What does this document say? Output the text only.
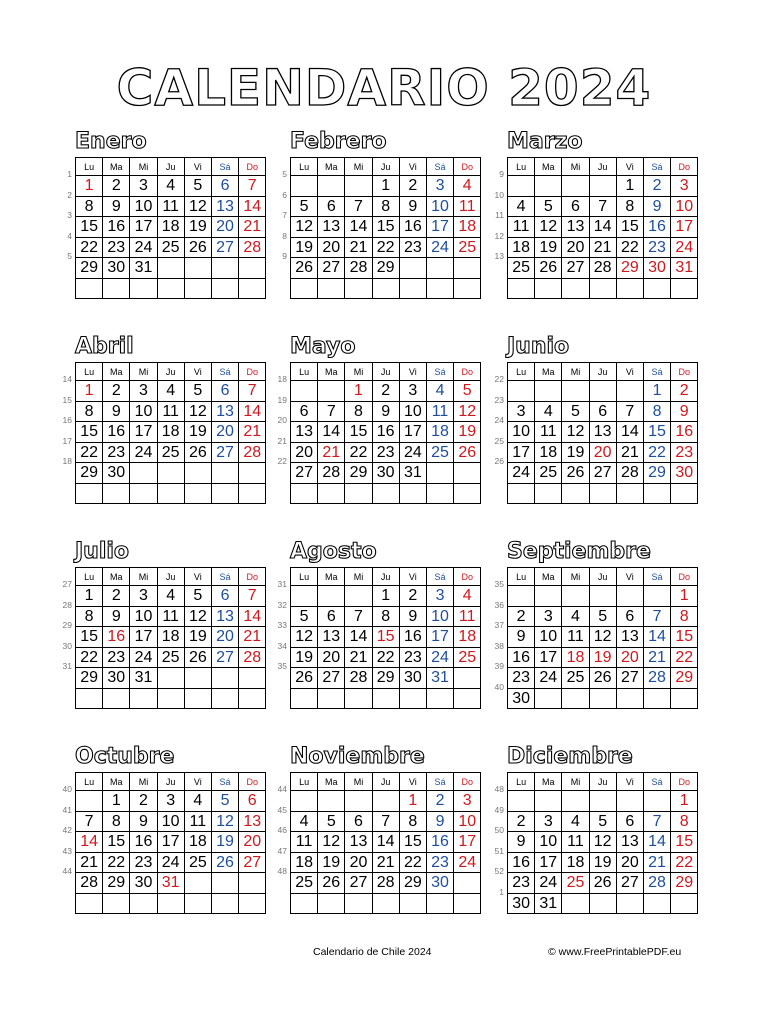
CALENDARIO 2024
Enero
1
2
3
4
5
Lu	Ma	Mi	Ju	Vi	Sá	Do
1	2	3	4	5	6	7
8	9	10	11	12	13	14
15	16	17	18	19	20	21
22	23	24	25	26	27	28
29	30	31				

Febrero
5
6
7
8
9
Lu	Ma	Mi	Ju	Vi	Sá	Do
			1	2	3	4
5	6	7	8	9	10	11
12	13	14	15	16	17	18
19	20	21	22	23	24	25
26	27	28	29			

Marzo
9
10
11
12
13
Lu	Ma	Mi	Ju	Vi	Sá	Do
				1	2	3
4	5	6	7	8	9	10
11	12	13	14	15	16	17
18	19	20	21	22	23	24
25	26	27	28	29	30	31

Abril
14
15
16
17
18
Lu	Ma	Mi	Ju	Vi	Sá	Do
1	2	3	4	5	6	7
8	9	10	11	12	13	14
15	16	17	18	19	20	21
22	23	24	25	26	27	28
29	30					

Mayo
18
19
20
21
22
Lu	Ma	Mi	Ju	Vi	Sá	Do
		1	2	3	4	5
6	7	8	9	10	11	12
13	14	15	16	17	18	19
20	21	22	23	24	25	26
27	28	29	30	31		

Junio
22
23
24
25
26
Lu	Ma	Mi	Ju	Vi	Sá	Do
					1	2
3	4	5	6	7	8	9
10	11	12	13	14	15	16
17	18	19	20	21	22	23
24	25	26	27	28	29	30

Julio
27
28
29
30
31
Lu	Ma	Mi	Ju	Vi	Sá	Do
1	2	3	4	5	6	7
8	9	10	11	12	13	14
15	16	17	18	19	20	21
22	23	24	25	26	27	28
29	30	31				

Agosto
31
32
33
34
35
Lu	Ma	Mi	Ju	Vi	Sá	Do
			1	2	3	4
5	6	7	8	9	10	11
12	13	14	15	16	17	18
19	20	21	22	23	24	25
26	27	28	29	30	31	

Septiembre
35
36
37
38
39
40
Lu	Ma	Mi	Ju	Vi	Sá	Do
						1
2	3	4	5	6	7	8
9	10	11	12	13	14	15
16	17	18	19	20	21	22
23	24	25	26	27	28	29
30						
Octubre
40
41
42
43
44
Lu	Ma	Mi	Ju	Vi	Sá	Do
	1	2	3	4	5	6
7	8	9	10	11	12	13
14	15	16	17	18	19	20
21	22	23	24	25	26	27
28	29	30	31			

Noviembre
44
45
46
47
48
Lu	Ma	Mi	Ju	Vi	Sá	Do
				1	2	3
4	5	6	7	8	9	10
11	12	13	14	15	16	17
18	19	20	21	22	23	24
25	26	27	28	29	30	

Diciembre
48
49
50
51
52
1
Lu	Ma	Mi	Ju	Vi	Sá	Do
						1
2	3	4	5	6	7	8
9	10	11	12	13	14	15
16	17	18	19	20	21	22
23	24	25	26	27	28	29
30	31					
Calendario de Chile 2024	© www.FreePrintablePDF.eu
